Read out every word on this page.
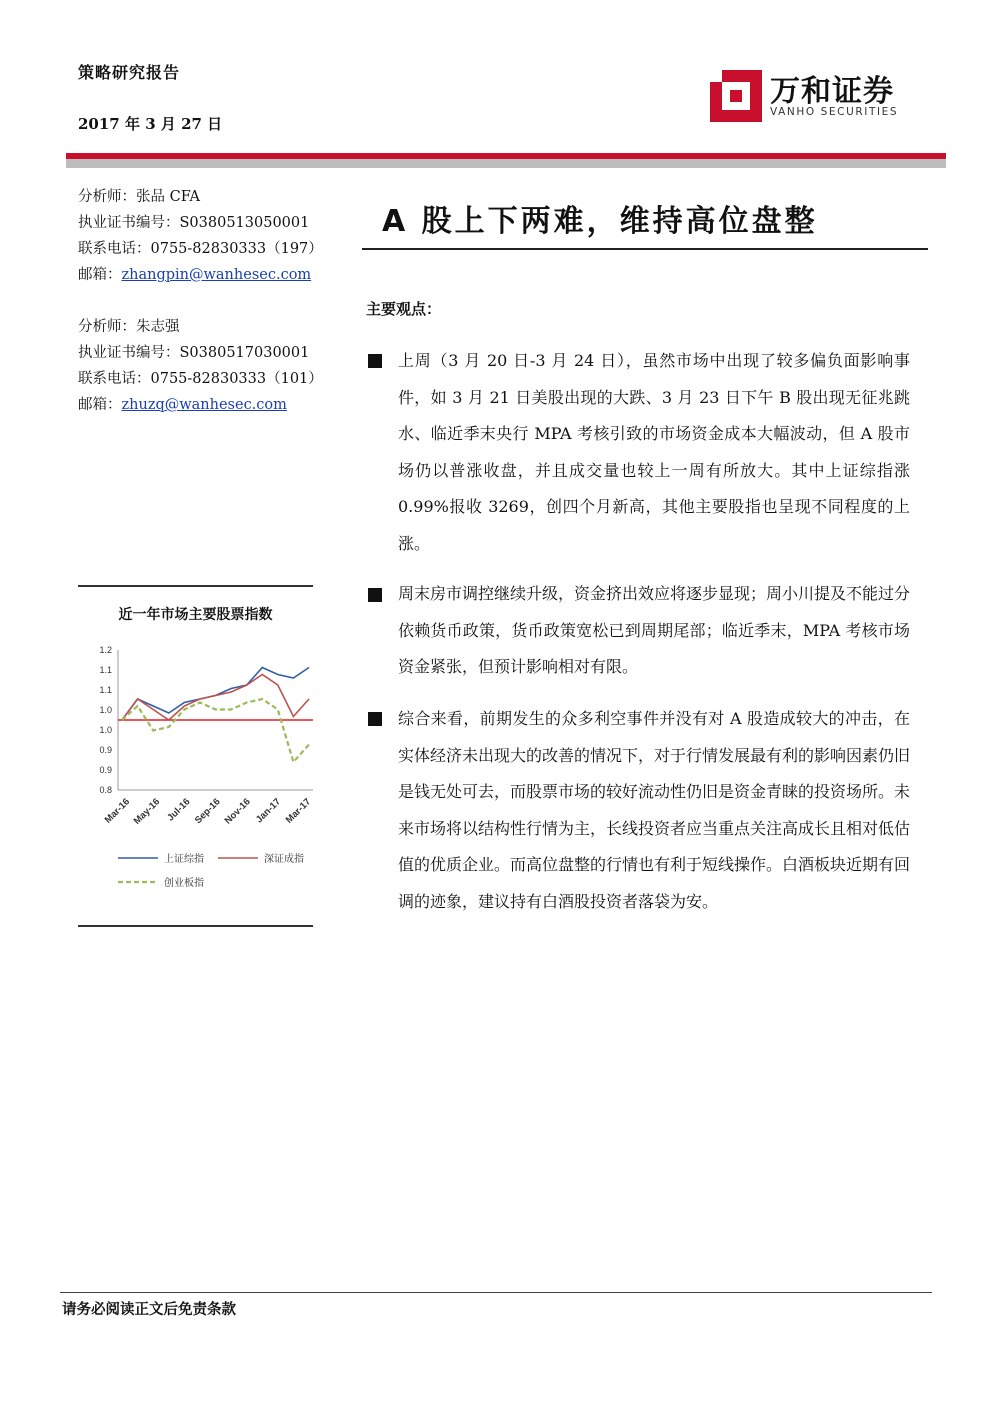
策略研究报告
2017 年 3 月 27 日
万和证券
VANHO SECURITIES
分析师：张品 CFA
执业证书编号：S0380513050001
联系电话：0755-82830333（197）
邮箱：zhangpin@wanhesec.com
分析师：朱志强
执业证书编号：S0380517030001
联系电话：0755-82830333（101）
邮箱：zhuzq@wanhesec.com
A 股上下两难，维持高位盘整
主要观点：
上周（3 月 20 日-3 月 24 日），虽然市场中出现了较多偏负面影响事件，如 3 月 21 日美股出现的大跌、3 月 23 日下午 B 股出现无征兆跳水、临近季末央行 MPA 考核引致的市场资金成本大幅波动，但 A 股市场仍以普涨收盘，并且成交量也较上一周有所放大。其中上证综指涨 0.99%报收 3269，创四个月新高，其他主要股指也呈现不同程度的上涨。
周末房市调控继续升级，资金挤出效应将逐步显现；周小川提及不能过分依赖货币政策，货币政策宽松已到周期尾部；临近季末，MPA 考核市场资金紧张，但预计影响相对有限。
综合来看，前期发生的众多利空事件并没有对 A 股造成较大的冲击，在实体经济未出现大的改善的情况下，对于行情发展最有利的影响因素仍旧是钱无处可去，而股票市场的较好流动性仍旧是资金青睐的投资场所。未来市场将以结构性行情为主，长线投资者应当重点关注高成长且相对低估值的优质企业。而高位盘整的行情也有利于短线操作。白酒板块近期有回调的迹象，建议持有白酒股投资者落袋为安。
近一年市场主要股票指数
1.2
1.1
1.1
1.0
1.0
0.9
0.9
0.8
Mar-16 May-16 Jul-16 Sep-16 Nov-16 Jan-17 Mar-17
上证综指	深证成指
创业板指
请务必阅读正文后免责条款
